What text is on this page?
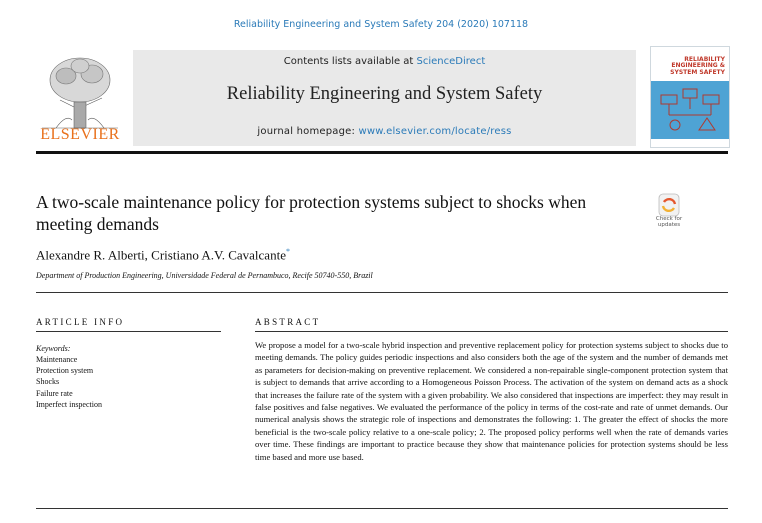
Reliability Engineering and System Safety 204 (2020) 107118
ELSEVIER
Contents lists available at ScienceDirect
Reliability Engineering and System Safety
journal homepage: www.elsevier.com/locate/ress
RELIABILITY ENGINEERING & SYSTEM SAFETY
A two-scale maintenance policy for protection systems subject to shocks when meeting demands	Check for updates
Alexandre R. Alberti, Cristiano A.V. Cavalcante*
Department of Production Engineering, Universidade Federal de Pernambuco, Recife 50740-550, Brazil
ARTICLE INFO
Keywords:
Maintenance
Protection system
Shocks
Failure rate
Imperfect inspection
ABSTRACT
We propose a model for a two-scale hybrid inspection and preventive replacement policy for protection systems subject to shocks due to meeting demands. The policy guides periodic inspections and also considers both the age of the system and the number of demands met as parameters for decision-making on preventive replacement. We considered a non-repairable single-component protection system that is subject to demands that arrive according to a Homogeneous Poisson Process. The activation of the system on demand acts as a shock that increases the failure rate of the system with a given probability. We also considered that inspections are imperfect: they may result in false positives and false negatives. We evaluated the performance of the policy in terms of the cost-rate and rate of unmet demands. Our numerical analysis shows the strategic role of inspections and demonstrates the following: 1. The greater the effect of shocks the more beneficial is the two-scale policy relative to a one-scale policy; 2. The proposed policy performs well when the rate of demands varies over time. These findings are important to practice because they show that maintenance policies for protection systems should be less time based and more use based.
